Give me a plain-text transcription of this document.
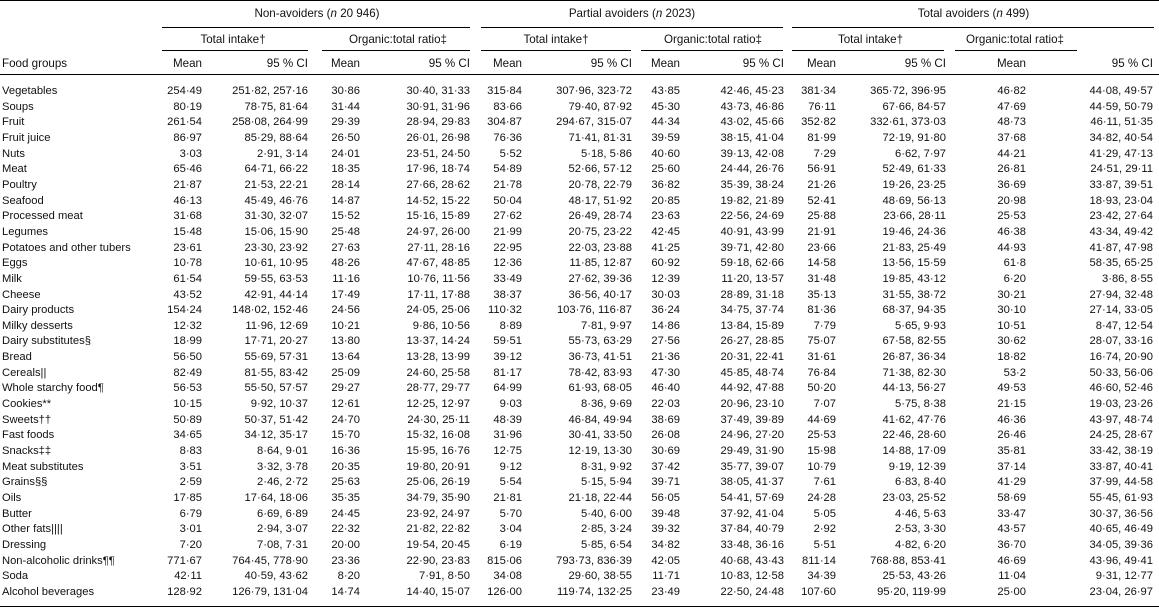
Non-avoiders (n 20 946)	Partial avoiders (n 2023)	Total avoiders (n 499)
Total intake†	Organic:total ratio‡	Total intake†	Organic:total ratio‡	Total intake†	Organic:total ratio‡
Food groups	Mean	95 % CI	Mean	95 % CI	Mean	95 % CI	Mean	95 % CI	Mean	95 % CI	Mean	95 % CI
Vegetables	254·49	251·82, 257·16	30·86	30·40, 31·33	315·84	307·96, 323·72	43·85	42·46, 45·23	381·34	365·72, 396·95	46·82	44·08, 49·57
Soups	80·19	78·75, 81·64	31·44	30·91, 31·96	83·66	79·40, 87·92	45·30	43·73, 46·86	76·11	67·66, 84·57	47·69	44·59, 50·79
Fruit	261·54	258·08, 264·99	29·39	28·94, 29·83	304·87	294·67, 315·07	44·34	43·02, 45·66	352·82	332·61, 373·03	48·73	46·11, 51·35
Fruit juice	86·97	85·29, 88·64	26·50	26·01, 26·98	76·36	71·41, 81·31	39·59	38·15, 41·04	81·99	72·19, 91·80	37·68	34·82, 40·54
Nuts	3·03	2·91, 3·14	24·01	23·51, 24·50	5·52	5·18, 5·86	40·60	39·13, 42·08	7·29	6·62, 7·97	44·21	41·29, 47·13
Meat	65·46	64·71, 66·22	18·35	17·96, 18·74	54·89	52·66, 57·12	25·60	24·44, 26·76	56·91	52·49, 61·33	26·81	24·51, 29·11
Poultry	21·87	21·53, 22·21	28·14	27·66, 28·62	21·78	20·78, 22·79	36·82	35·39, 38·24	21·26	19·26, 23·25	36·69	33·87, 39·51
Seafood	46·13	45·49, 46·76	14·87	14·52, 15·22	50·04	48·17, 51·92	20·85	19·82, 21·89	52·41	48·69, 56·13	20·98	18·93, 23·04
Processed meat	31·68	31·30, 32·07	15·52	15·16, 15·89	27·62	26·49, 28·74	23·63	22·56, 24·69	25·88	23·66, 28·11	25·53	23·42, 27·64
Legumes	15·48	15·06, 15·90	25·48	24·97, 26·00	21·99	20·75, 23·22	42·45	40·91, 43·99	21·91	19·46, 24·36	46·38	43·34, 49·42
Potatoes and other tubers	23·61	23·30, 23·92	27·63	27·11, 28·16	22·95	22·03, 23·88	41·25	39·71, 42·80	23·66	21·83, 25·49	44·93	41·87, 47·98
Eggs	10·78	10·61, 10·95	48·26	47·67, 48·85	12·36	11·85, 12·87	60·92	59·18, 62·66	14·58	13·56, 15·59	61·8	58·35, 65·25
Milk	61·54	59·55, 63·53	11·16	10·76, 11·56	33·49	27·62, 39·36	12·39	11·20, 13·57	31·48	19·85, 43·12	6·20	3·86, 8·55
Cheese	43·52	42·91, 44·14	17·49	17·11, 17·88	38·37	36·56, 40·17	30·03	28·89, 31·18	35·13	31·55, 38·72	30·21	27·94, 32·48
Dairy products	154·24	148·02, 152·46	24·56	24·05, 25·06	110·32	103·76, 116·87	36·24	34·75, 37·74	81·36	68·37, 94·35	30·10	27·14, 33·05
Milky desserts	12·32	11·96, 12·69	10·21	9·86, 10·56	8·89	7·81, 9·97	14·86	13·84, 15·89	7·79	5·65, 9·93	10·51	8·47, 12·54
Dairy substitutes§	18·99	17·71, 20·27	13·80	13·37, 14·24	59·51	55·73, 63·29	27·56	26·27, 28·85	75·07	67·58, 82·55	30·62	28·07, 33·16
Bread	56·50	55·69, 57·31	13·64	13·28, 13·99	39·12	36·73, 41·51	21·36	20·31, 22·41	31·61	26·87, 36·34	18·82	16·74, 20·90
Cereals||	82·49	81·55, 83·42	25·09	24·60, 25·58	81·17	78·42, 83·93	47·30	45·85, 48·74	76·84	71·38, 82·30	53·2	50·33, 56·06
Whole starchy food¶	56·53	55·50, 57·57	29·27	28·77, 29·77	64·99	61·93, 68·05	46·40	44·92, 47·88	50·20	44·13, 56·27	49·53	46·60, 52·46
Cookies**	10·15	9·92, 10·37	12·61	12·25, 12·97	9·03	8·36, 9·69	22·03	20·96, 23·10	7·07	5·75, 8·38	21·15	19·03, 23·26
Sweets††	50·89	50·37, 51·42	24·70	24·30, 25·11	48·39	46·84, 49·94	38·69	37·49, 39·89	44·69	41·62, 47·76	46·36	43·97, 48·74
Fast foods	34·65	34·12, 35·17	15·70	15·32, 16·08	31·96	30·41, 33·50	26·08	24·96, 27·20	25·53	22·46, 28·60	26·46	24·25, 28·67
Snacks‡‡	8·83	8·64, 9·01	16·36	15·95, 16·76	12·75	12·19, 13·30	30·69	29·49, 31·90	15·98	14·88, 17·09	35·81	33·42, 38·19
Meat substitutes	3·51	3·32, 3·78	20·35	19·80, 20·91	9·12	8·31, 9·92	37·42	35·77, 39·07	10·79	9·19, 12·39	37·14	33·87, 40·41
Grains§§	2·59	2·46, 2·72	25·63	25·06, 26·19	5·54	5·15, 5·94	39·71	38·05, 41·37	7·61	6·83, 8·40	41·29	37·99, 44·58
Oils	17·85	17·64, 18·06	35·35	34·79, 35·90	21·81	21·18, 22·44	56·05	54·41, 57·69	24·28	23·03, 25·52	58·69	55·45, 61·93
Butter	6·79	6·69, 6·89	24·45	23·92, 24·97	5·70	5·40, 6·00	39·48	37·92, 41·04	5·05	4·46, 5·63	33·47	30·37, 36·56
Other fats||||	3·01	2·94, 3·07	22·32	21·82, 22·82	3·04	2·85, 3·24	39·32	37·84, 40·79	2·92	2·53, 3·30	43·57	40·65, 46·49
Dressing	7·20	7·08, 7·31	20·00	19·54, 20·45	6·19	5·85, 6·54	34·82	33·48, 36·16	5·51	4·82, 6·20	36·70	34·05, 39·36
Non-alcoholic drinks¶¶	771·67	764·45, 778·90	23·36	22·90, 23·83	815·06	793·73, 836·39	42·05	40·68, 43·43	811·14	768·88, 853·41	46·69	43·96, 49·41
Soda	42·11	40·59, 43·62	8·20	7·91, 8·50	34·08	29·60, 38·55	11·71	10·83, 12·58	34·39	25·53, 43·26	11·04	9·31, 12·77
Alcohol beverages	128·92	126·79, 131·04	14·74	14·40, 15·07	126·00	119·74, 132·25	23·49	22·50, 24·48	107·60	95·20, 119·99	25·00	23·04, 26·97
